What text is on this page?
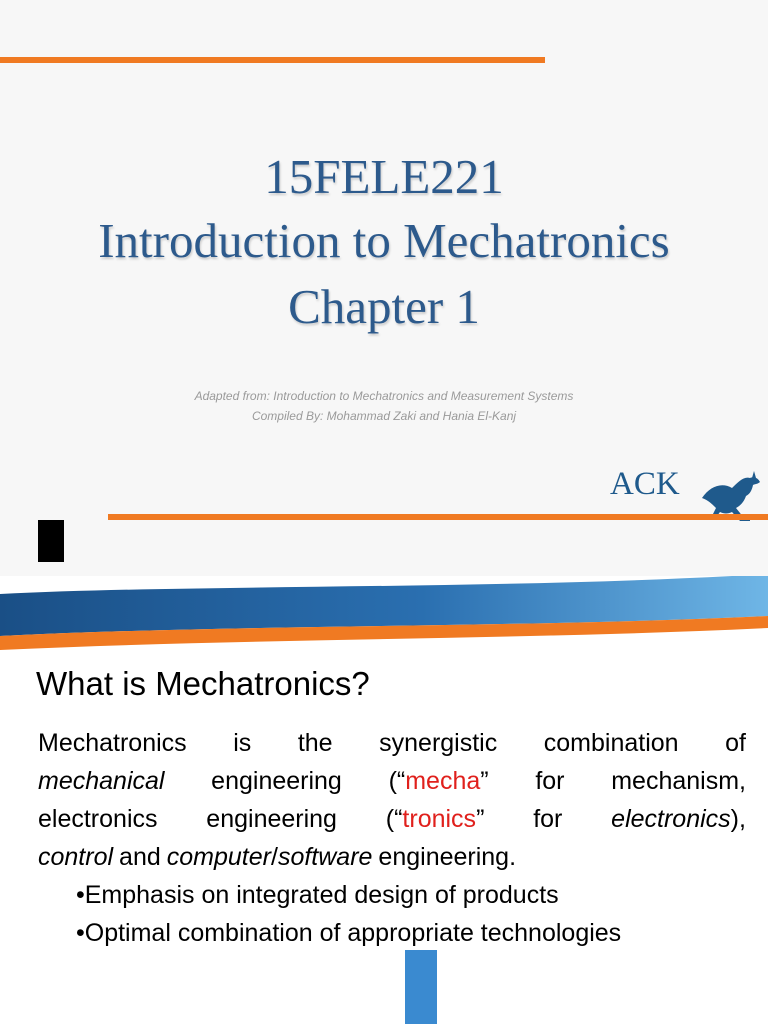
15FELE221
Introduction to Mechatronics
Chapter 1
Adapted from: Introduction to Mechatronics and Measurement Systems
Compiled By: Mohammad Zaki and Hania El-Kanj
ACK
What is Mechatronics?
Mechatronics is the synergistic combination of
mechanical engineering (“mecha” for mechanism,
electronics engineering (“tronics” for electronics),
control and computer/software engineering.
•Emphasis on integrated design of products
•Optimal combination of appropriate technologies
